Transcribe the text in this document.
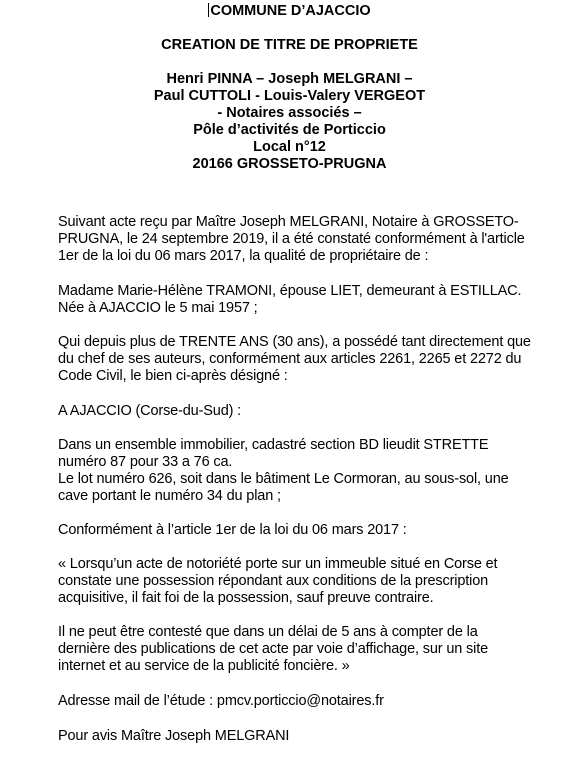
COMMUNE D’AJACCIO
CREATION DE TITRE DE PROPRIETE
Henri PINNA – Joseph MELGRANI –
Paul CUTTOLI - Louis-Valery VERGEOT
- Notaires associés –
Pôle d’activités de Porticcio
Local n°12
20166 GROSSETO-PRUGNA
Suivant acte reçu par Maître Joseph MELGRANI, Notaire à GROSSETO-
PRUGNA, le 24 septembre 2019, il a été constaté conformément à l'article
1er de la loi du 06 mars 2017, la qualité de propriétaire de :
Madame Marie-Hélène TRAMONI, épouse LIET, demeurant à ESTILLAC.
Née à AJACCIO le 5 mai 1957 ;
Qui depuis plus de TRENTE ANS (30 ans), a possédé tant directement que
du chef de ses auteurs, conformément aux articles 2261, 2265 et 2272 du
Code Civil, le bien ci-après désigné :
A AJACCIO (Corse-du-Sud) :
Dans un ensemble immobilier, cadastré section BD lieudit STRETTE
numéro 87 pour 33 a 76 ca.
Le lot numéro 626, soit dans le bâtiment Le Cormoran, au sous-sol, une
cave portant le numéro 34 du plan ;
Conformément à l’article 1er de la loi du 06 mars 2017 :
« Lorsqu’un acte de notoriété porte sur un immeuble situé en Corse et
constate une possession répondant aux conditions de la prescription
acquisitive, il fait foi de la possession, sauf preuve contraire.
Il ne peut être contesté que dans un délai de 5 ans à compter de la
dernière des publications de cet acte par voie d’affichage, sur un site
internet et au service de la publicité foncière. »
Adresse mail de l’étude : pmcv.porticcio@notaires.fr
Pour avis Maître Joseph MELGRANI
